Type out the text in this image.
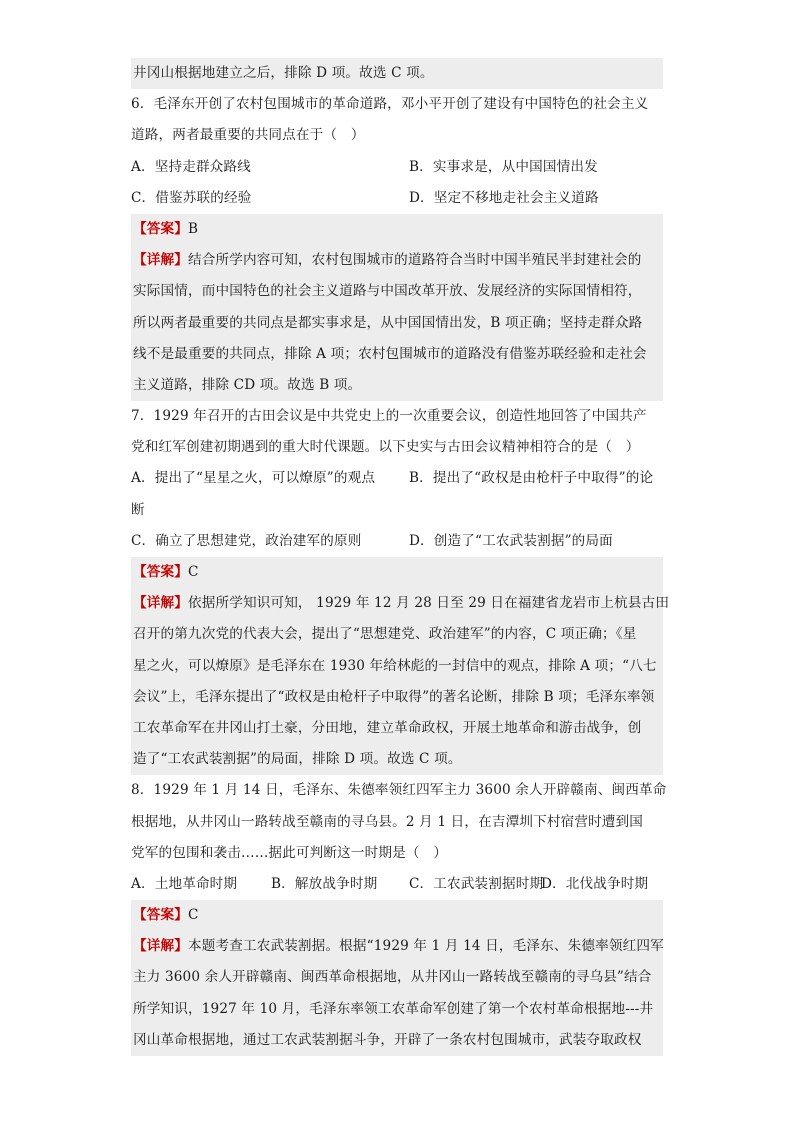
井冈山根据地建立之后，排除 D 项。故选 C 项。
6．毛泽东开创了农村包围城市的革命道路，邓小平开创了建设有中国特色的社会主义
道路，两者最重要的共同点在于（　）
A．坚持走群众路线	B．实事求是，从中国国情出发
C．借鉴苏联的经验	D．坚定不移地走社会主义道路
【答案】B
【详解】结合所学内容可知，农村包围城市的道路符合当时中国半殖民半封建社会的
实际国情，而中国特色的社会主义道路与中国改革开放、发展经济的实际国情相符，
所以两者最重要的共同点是都实事求是，从中国国情出发，B 项正确；坚持走群众路
线不是最重要的共同点，排除 A 项；农村包围城市的道路没有借鉴苏联经验和走社会
主义道路，排除 CD 项。故选 B 项。
7．1929 年召开的古田会议是中共党史上的一次重要会议，创造性地回答了中国共产
党和红军创建初期遇到的重大时代课题。以下史实与古田会议精神相符合的是（　）
A．提出了“星星之火，可以燎原”的观点 B．提出了“政权是由枪杆子中取得”的论
断
C．确立了思想建党，政治建军的原则	D．创造了“工农武装割据”的局面
【答案】C
【详解】依据所学知识可知， 1929 年 12 月 28 日至 29 日在福建省龙岩市上杭县古田
召开的第九次党的代表大会，提出了“思想建党、政治建军”的内容，C 项正确；《星
星之火，可以燎原》是毛泽东在 1930 年给林彪的一封信中的观点，排除 A 项；“八七
会议”上，毛泽东提出了“政权是由枪杆子中取得”的著名论断，排除 B 项；毛泽东率领
工农革命军在井冈山打土豪，分田地，建立革命政权，开展土地革命和游击战争，创
造了“工农武装割据”的局面，排除 D 项。故选 C 项。
8．1929 年 1 月 14 日，毛泽东、朱德率领红四军主力 3600 余人开辟赣南、闽西革命
根据地，从井冈山一路转战至赣南的寻乌县。2 月 1 日，在吉潭圳下村宿营时遭到国
党军的包围和袭击……据此可判断这一时期是（　）
A．土地革命时期 B．解放战争时期 C．工农武装割据时期
D．北伐战争时期
【答案】C
【详解】本题考查工农武装割据。根据“1929 年 1 月 14 日，毛泽东、朱德率领红四军
主力 3600 余人开辟赣南、闽西革命根据地，从井冈山一路转战至赣南的寻乌县”结合
所学知识，1927 年 10 月，毛泽东率领工农革命军创建了第一个农村革命根据地---井
冈山革命根据地，通过工农武装割据斗争，开辟了一条农村包围城市，武装夺取政权
